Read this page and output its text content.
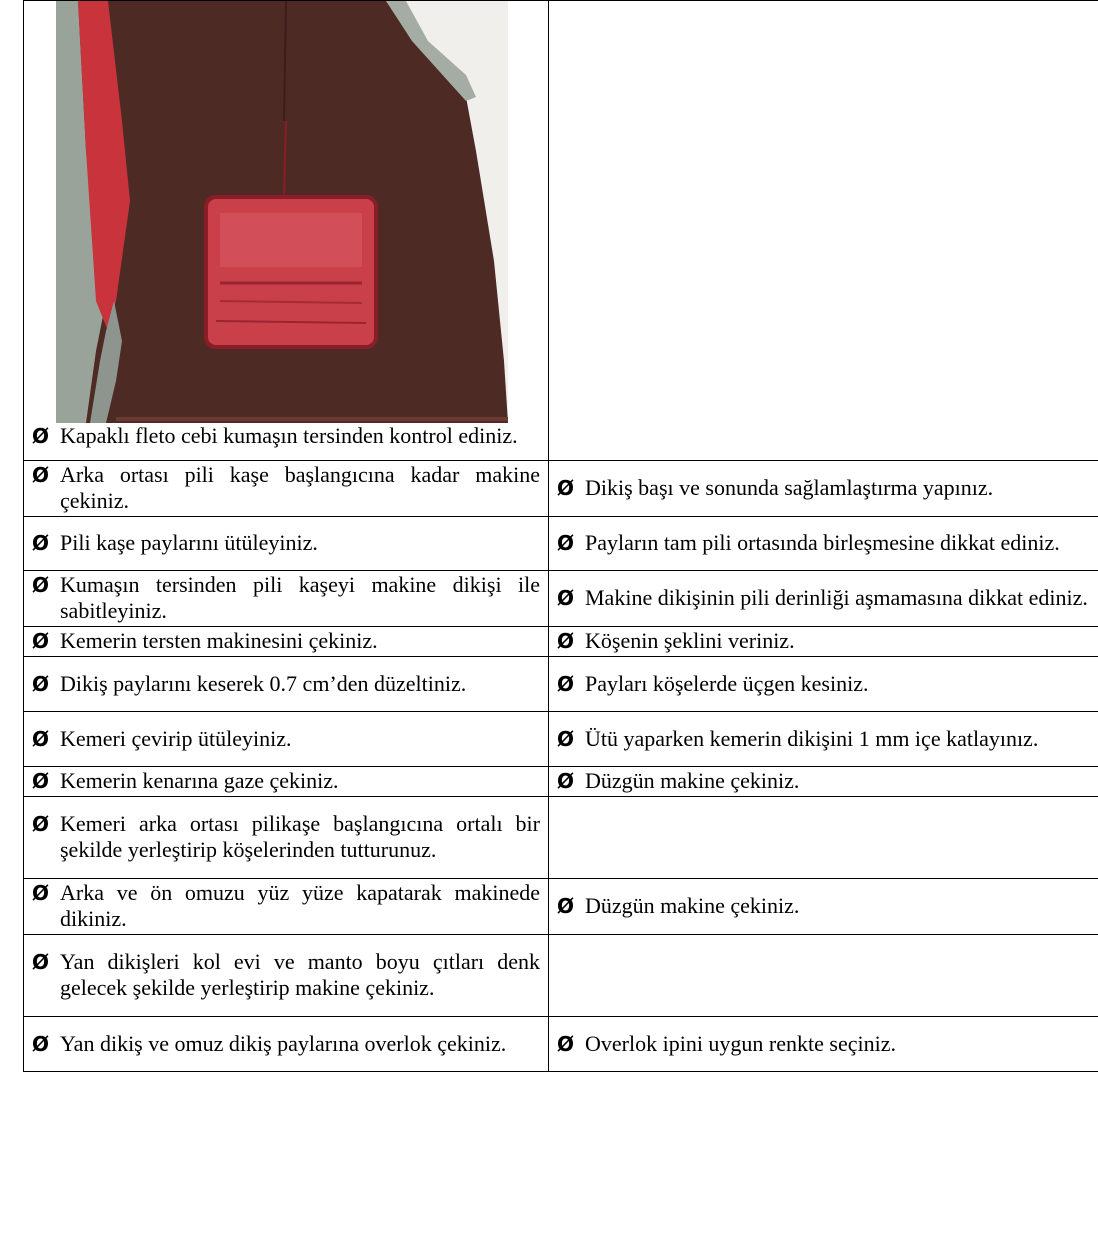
Ø Kapaklı fleto cebi kumaşın tersinden kontrol ediniz.	

Ø Arka ortası pili kaşe başlangıcına kadar makine çekiniz.	Ø Dikiş başı ve sonunda sağlamlaştırma yapınız.

Ø Pili kaşe paylarını ütüleyiniz.	Ø Payların tam pili ortasında birleşmesine dikkat ediniz.

Ø Kumaşın tersinden pili kaşeyi makine dikişi ile sabitleyiniz.	Ø Makine dikişinin pili derinliği aşmamasına dikkat ediniz.

Ø Kemerin tersten makinesini çekiniz.	Ø Köşenin şeklini veriniz.

Ø Dikiş paylarını keserek 0.7 cm’den düzeltiniz.	Ø Payları köşelerde üçgen kesiniz.

Ø Kemeri çevirip ütüleyiniz.	Ø Ütü yaparken kemerin dikişini 1 mm içe katlayınız.

Ø Kemerin kenarına gaze çekiniz.	Ø Düzgün makine çekiniz.

Ø Kemeri arka ortası pilikaşe başlangıcına ortalı bir şekilde yerleştirip köşelerinden tutturunuz.	

Ø Arka ve ön omuzu yüz yüze kapatarak makinede dikiniz.	Ø Düzgün makine çekiniz.

Ø Yan dikişleri kol evi ve manto boyu çıtları denk gelecek şekilde yerleştirip makine çekiniz.	

Ø Yan dikiş ve omuz dikiş paylarına overlok çekiniz.	Ø Overlok ipini uygun renkte seçiniz.
